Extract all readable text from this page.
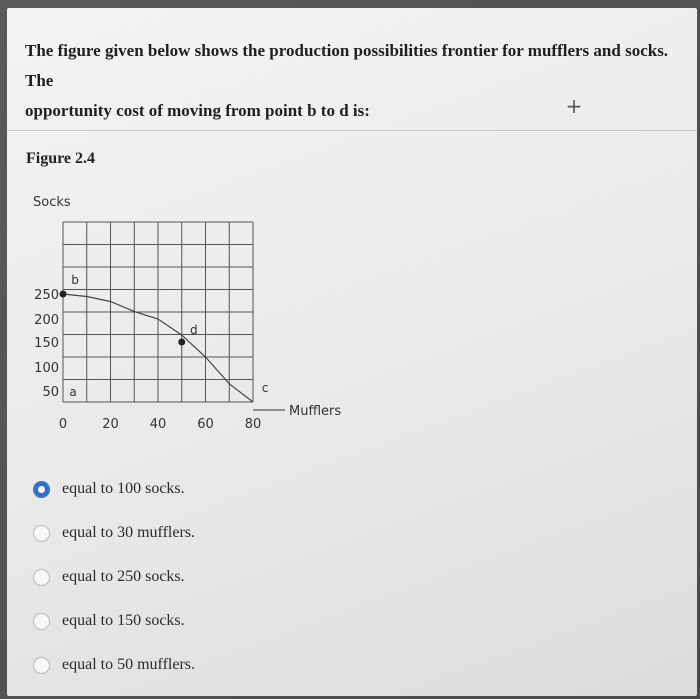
The figure given below shows the production possibilities frontier for mufflers and socks. The
opportunity cost of moving from point b to d is:	+
Figure 2.4
Socks
Mufflers
0	20 40 60 80
50
100
150
200
250
a
b
d
c
equal to 100 socks.
equal to 30 mufflers.
equal to 250 socks.
equal to 150 socks.
equal to 50 mufflers.
